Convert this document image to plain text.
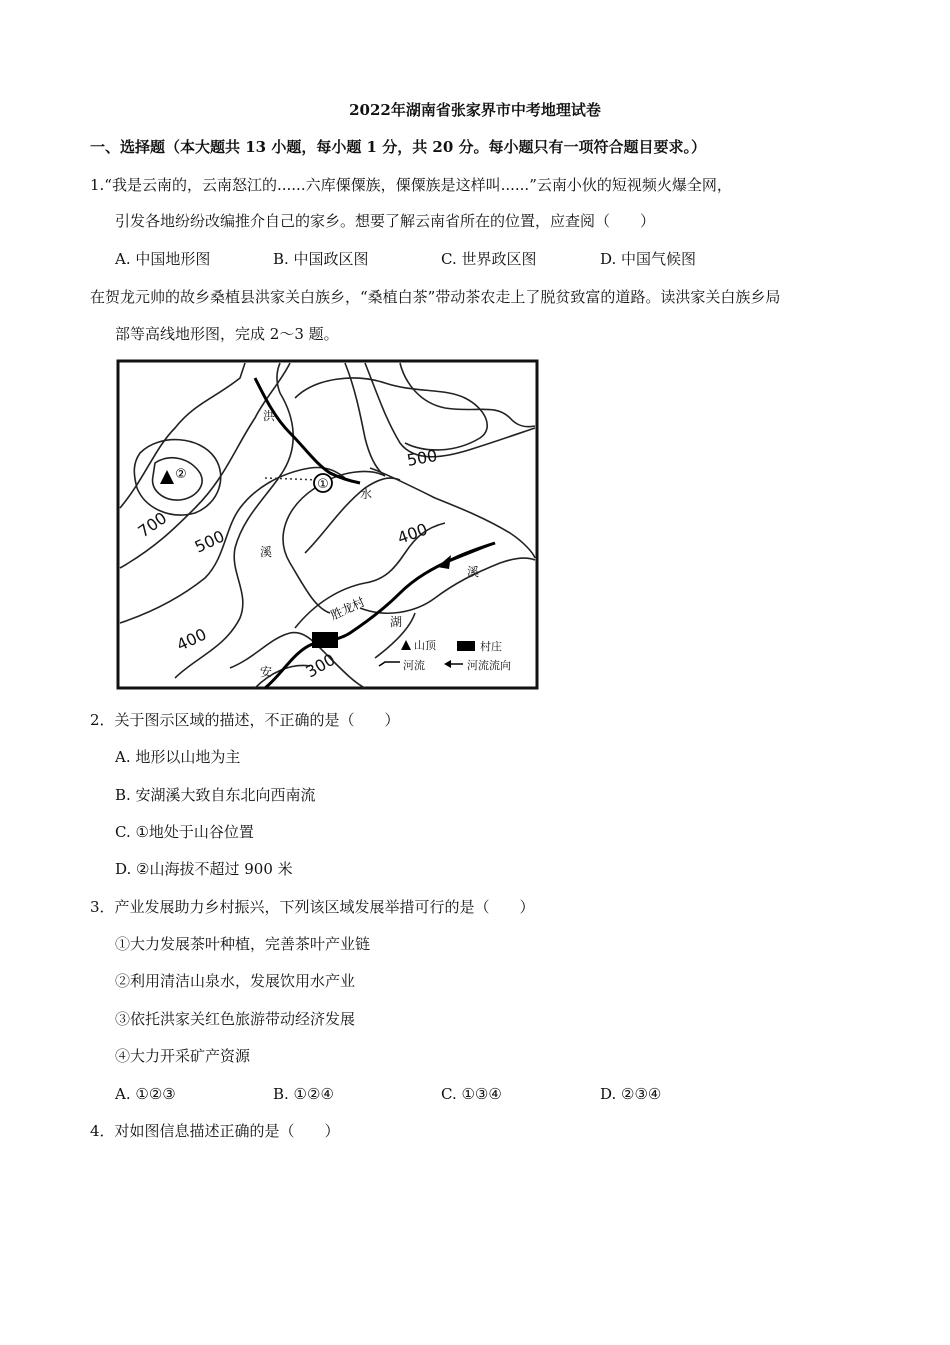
2022年湖南省张家界市中考地理试卷
一、选择题（本大题共 13 小题，每小题 1 分，共 20 分。每小题只有一项符合题目要求。）
1.“我是云南的，云南怒江的......六库傈僳族，傈僳族是这样叫......”云南小伙的短视频火爆全网，
引发各地纷纷改编推介自己的家乡。想要了解云南省所在的位置，应查阅（　　）
A. 中国地形图	B. 中国政区图	C. 世界政区图	D. 中国气候图
在贺龙元帅的故乡桑植县洪家关白族乡，“桑植白茶”带动茶农走上了脱贫致富的道路。读洪家关白族乡局
部等高线地形图，完成 2～3 题。
①
②
胜龙村
500
700
500	400
400
300
溪
湖
安
溪
水
洪
山顶	村庄
河流	河流流向
2．关于图示区域的描述，不正确的是（　　）
A. 地形以山地为主
B. 安湖溪大致自东北向西南流
C. ①地处于山谷位置
D. ②山海拔不超过 900 米
3．产业发展助力乡村振兴，下列该区域发展举措可行的是（　　）
①大力发展茶叶种植，完善茶叶产业链
②利用清洁山泉水，发展饮用水产业
③依托洪家关红色旅游带动经济发展
④大力开采矿产资源
A. ①②③	B. ①②④	C. ①③④	D. ②③④
4．对如图信息描述正确的是（　　）
